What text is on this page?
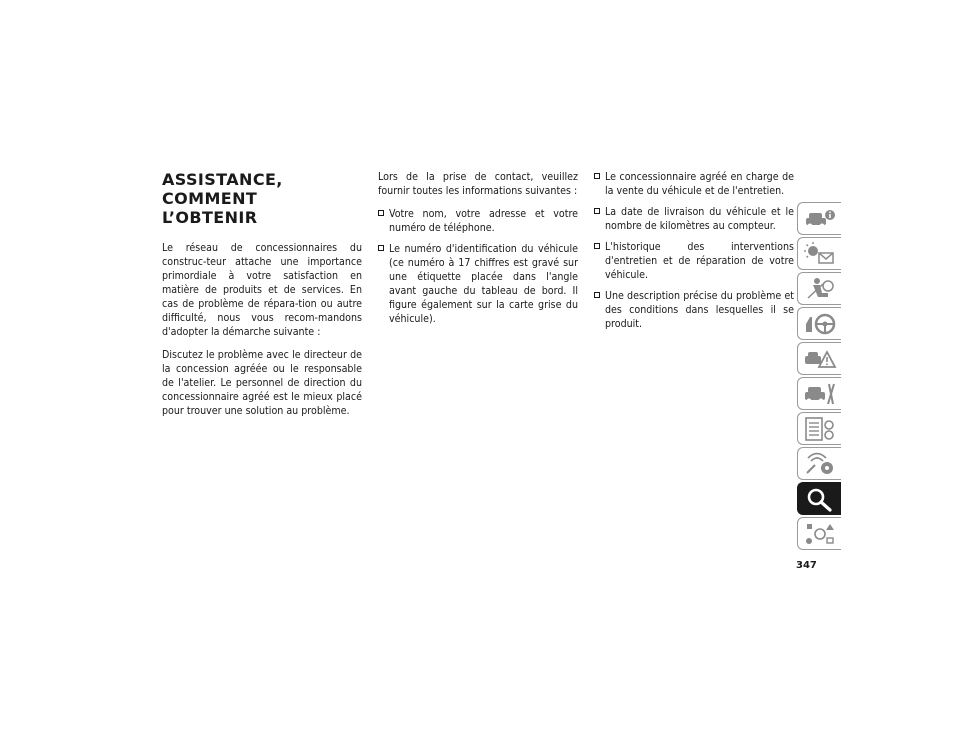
ASSISTANCE, COMMENT
L’OBTENIR

Le réseau de concessionnaires du construc-teur attache une importance primordiale à votre satisfaction en matière de produits et de services. En cas de problème de répara-tion ou autre difficulté, nous vous recom-mandons d'adopter la démarche suivante :

Discutez le problème avec le directeur de la concession agréée ou le responsable de l'atelier. Le personnel de direction du concessionnaire agréé est le mieux placé pour trouver une solution au problème.

Lors de la prise de contact, veuillez fournir toutes les informations suivantes :

Votre nom, votre adresse et votre numéro de téléphone.
Le numéro d'identification du véhicule (ce numéro à 17 chiffres est gravé sur une étiquette placée dans l'angle avant gauche du tableau de bord. Il figure également sur la carte grise du véhicule).
Le concessionnaire agréé en charge de la vente du véhicule et de l'entretien.
La date de livraison du véhicule et le nombre de kilomètres au compteur.
L'historique des interventions d'entretien et de réparation de votre véhicule.
Une description précise du problème et des conditions dans lesquelles il se produit.
347
